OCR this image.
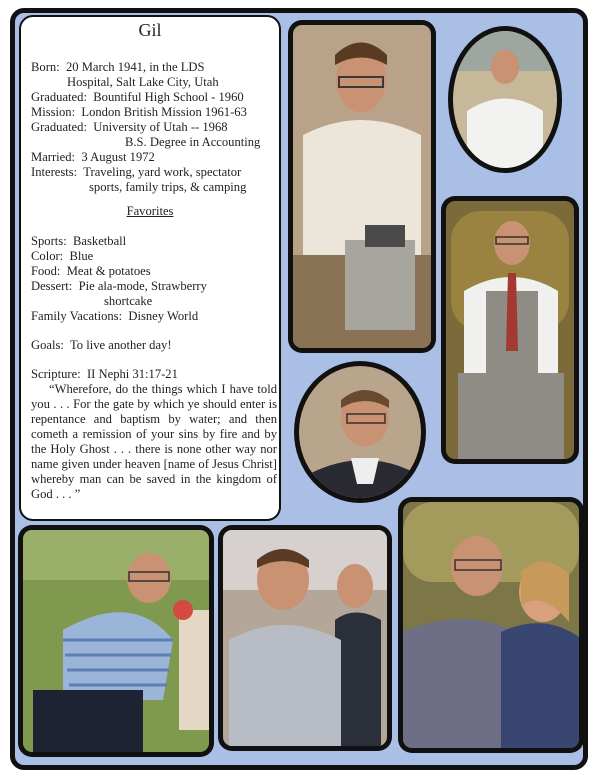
Gil
Born: 20 March 1941, in the LDS
Hospital, Salt Lake City, Utah
Graduated: Bountiful High School - 1960
Mission: London British Mission 1961-63
Graduated: University of Utah -- 1968
B.S. Degree in Accounting
Married: 3 August 1972
Interests: Traveling, yard work, spectator
sports, family trips, & camping
Favorites
Sports: Basketball
Color: Blue
Food: Meat & potatoes
Dessert: Pie ala-mode, Strawberry
shortcake
Family Vacations: Disney World
Goals: To live another day!
Scripture: II Nephi 31:17-21

“Wherefore, do the things which I have told you . . . For the gate by which ye should enter is repentance and baptism by water; and then cometh a remission of your sins by fire and by the Holy Ghost . . . there is none other way nor name given under heaven [name of Jesus Christ] whereby man can be saved in the kingdom of God . . . ”
